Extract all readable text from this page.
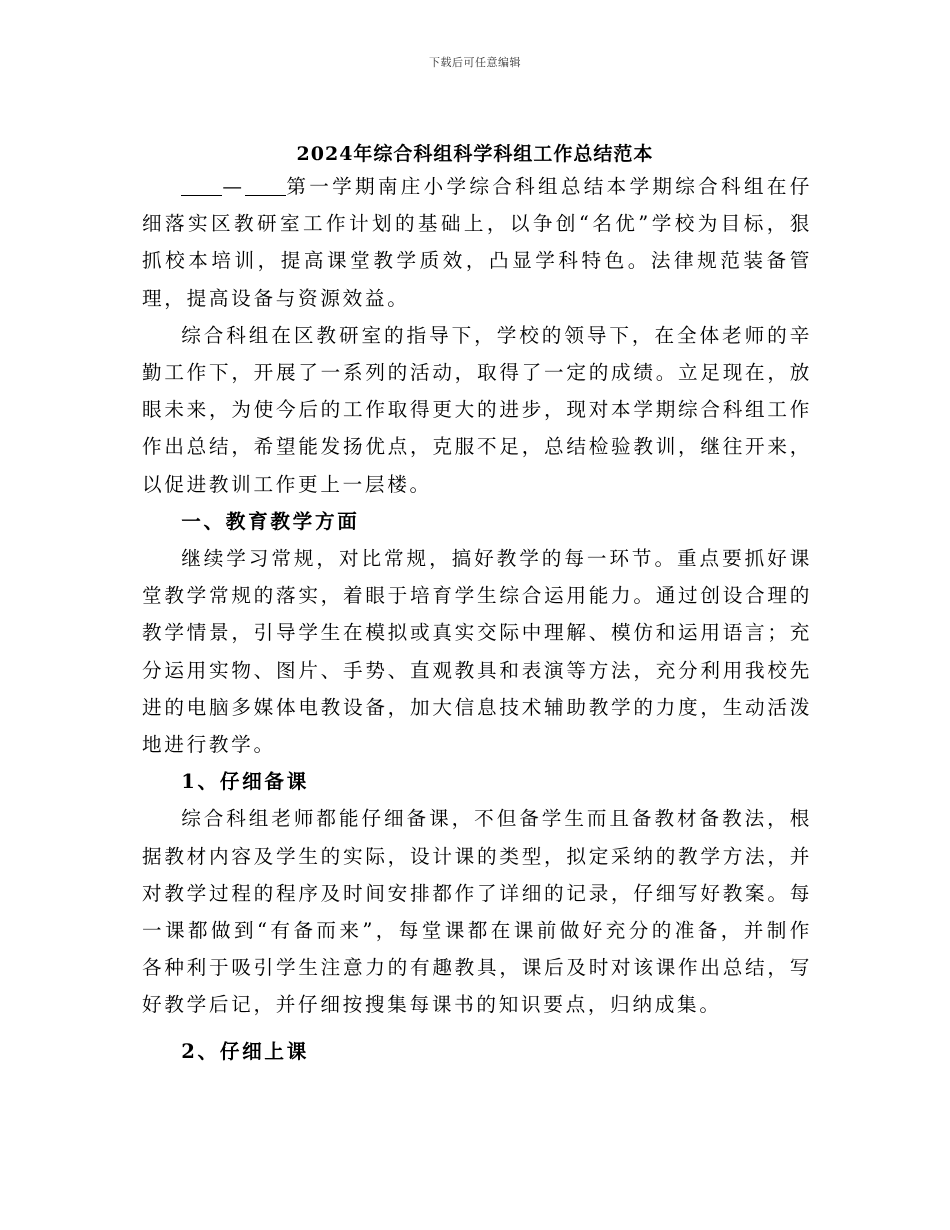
下载后可任意编辑
2024年综合科组科学科组工作总结范本

— 第一学期南庄小学综合科组总结本学期综合科组在仔细落实区教研室工作计划的基础上，以争创“名优”学校为目标，狠抓校本培训，提高课堂教学质效，凸显学科特色。法律规范装备管理，提高设备与资源效益。

综合科组在区教研室的指导下，学校的领导下，在全体老师的辛勤工作下，开展了一系列的活动，取得了一定的成绩。立足现在，放眼未来，为使今后的工作取得更大的进步，现对本学期综合科组工作作出总结，希望能发扬优点，克服不足，总结检验教训，继往开来，以促进教训工作更上一层楼。

一、教育教学方面

继续学习常规，对比常规，搞好教学的每一环节。重点要抓好课堂教学常规的落实，着眼于培育学生综合运用能力。通过创设合理的教学情景，引导学生在模拟或真实交际中理解、模仿和运用语言；充分运用实物、图片、手势、直观教具和表演等方法，充分利用我校先进的电脑多媒体电教设备，加大信息技术辅助教学的力度，生动活泼地进行教学。

1、仔细备课

综合科组老师都能仔细备课，不但备学生而且备教材备教法，根据教材内容及学生的实际，设计课的类型，拟定采纳的教学方法，并对教学过程的程序及时间安排都作了详细的记录，仔细写好教案。每一课都做到“有备而来”，每堂课都在课前做好充分的准备，并制作各种利于吸引学生注意力的有趣教具，课后及时对该课作出总结，写好教学后记，并仔细按搜集每课书的知识要点，归纳成集。

2、仔细上课
